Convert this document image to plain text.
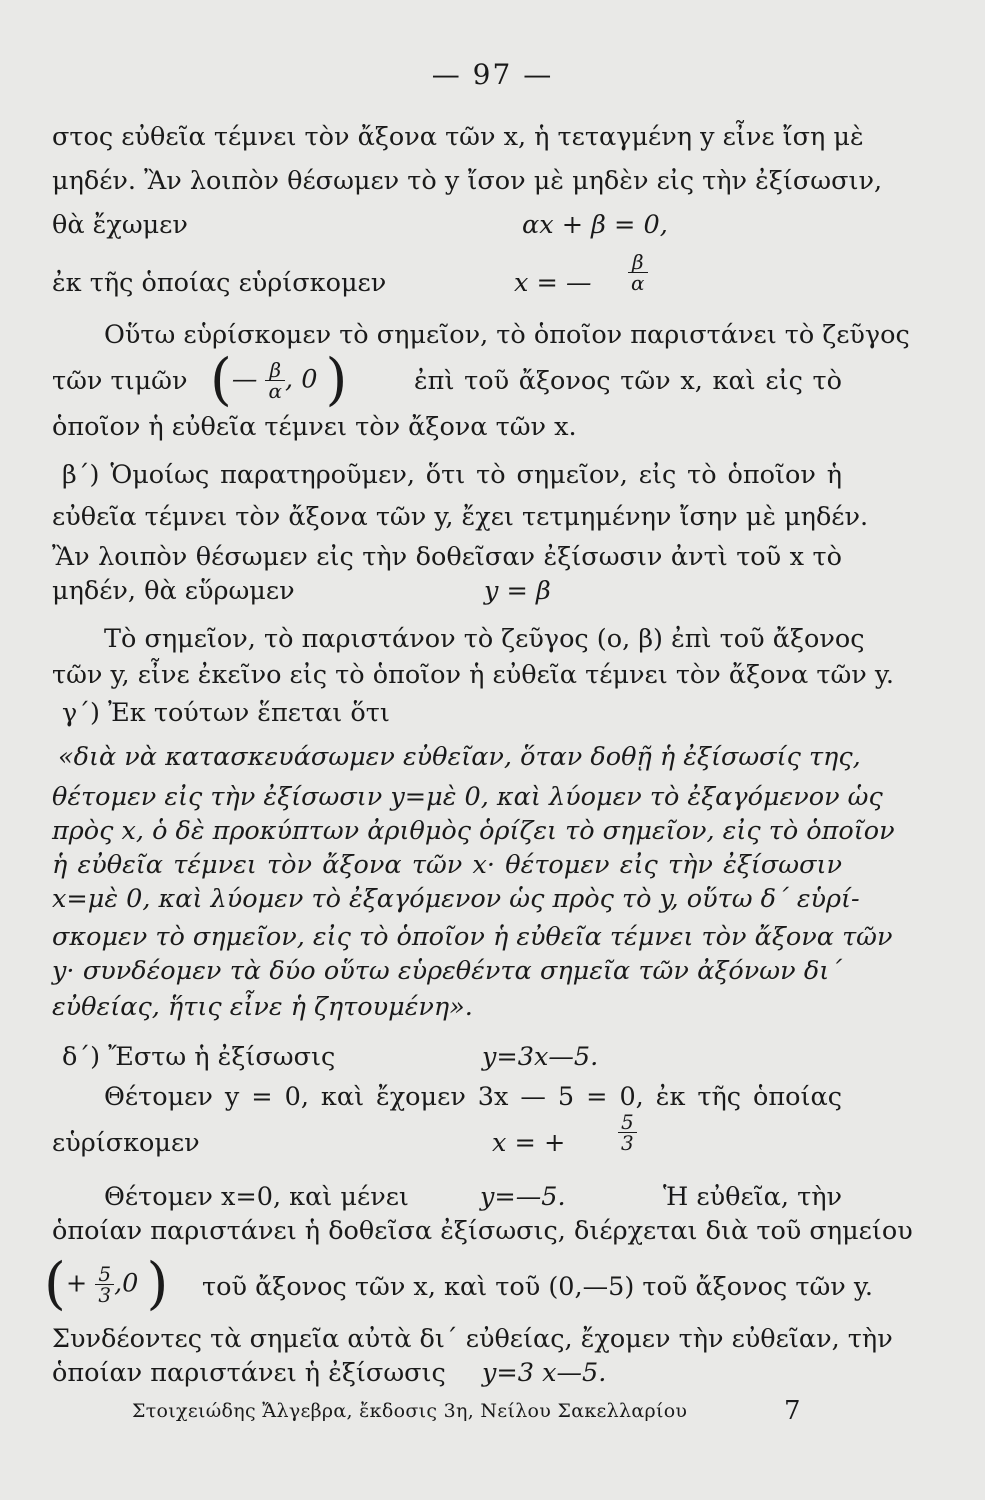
— 97 —
στος εὐθεῖα τέμνει τὸν ἄξονα τῶν x, ἡ τεταγμένη y εἶνε ἴση μὲ
μηδέν. Ἂν λοιπὸν θέσωμεν τὸ y ἴσον μὲ μηδὲν εἰς τὴν ἐξίσωσιν,
θὰ ἔχωμεν	αx + β = 0,
ἐκ τῆς ὁποίας εὑρίσκομεν	x = — $\frac{\beta}{\alpha}$
Οὕτω εὑρίσκομεν τὸ σημεῖον, τὸ ὁποῖον παριστάνει τὸ ζεῦγος
τῶν τιμῶν (— $\frac{\beta}{\alpha}$ , 0 )	ἐπὶ τοῦ ἄξονος τῶν x, καὶ εἰς τὸ
ὁποῖον ἡ εὐθεῖα τέμνει τὸν ἄξονα τῶν x.
β΄) Ὁμοίως παρατηροῦμεν, ὅτι τὸ σημεῖον, εἰς τὸ ὁποῖον ἡ
εὐθεῖα τέμνει τὸν ἄξονα τῶν y, ἔχει τετμημένην ἴσην μὲ μηδέν.
Ἂν λοιπὸν θέσωμεν εἰς τὴν δοθεῖσαν ἐξίσωσιν ἀντὶ τοῦ x τὸ
μηδέν, θὰ εὕρωμεν	y = β
Τὸ σημεῖον, τὸ παριστάνον τὸ ζεῦγος (ο, β) ἐπὶ τοῦ ἄξονος
τῶν y, εἶνε ἐκεῖνο εἰς τὸ ὁποῖον ἡ εὐθεῖα τέμνει τὸν ἄξονα τῶν y.
γ΄) Ἐκ τούτων ἕπεται ὅτι
«διὰ νὰ κατασκευάσωμεν εὐθεῖαν, ὅταν δοθῇ ἡ ἐξίσωσίς της,
θέτομεν εἰς τὴν ἐξίσωσιν y=μὲ 0, καὶ λύομεν τὸ ἐξαγόμενον ὡς
πρὸς x, ὁ δὲ προκύπτων ἀριθμὸς ὁρίζει τὸ σημεῖον, εἰς τὸ ὁποῖον
ἡ εὐθεῖα τέμνει τὸν ἄξονα τῶν x· θέτομεν εἰς τὴν ἐξίσωσιν
x=μὲ 0, καὶ λύομεν τὸ ἐξαγόμενον ὡς πρὸς τὸ y, οὕτω δ΄ εὑρί-
σκομεν τὸ σημεῖον, εἰς τὸ ὁποῖον ἡ εὐθεῖα τέμνει τὸν ἄξονα τῶν
y· συνδέομεν τὰ δύο οὕτω εὑρεθέντα σημεῖα τῶν ἀξόνων δι΄
εὐθείας, ἥτις εἶνε ἡ ζητουμένη».
δ΄) Ἔστω ἡ ἐξίσωσις	y=3x—5.
Θέτομεν y = 0, καὶ ἔχομεν 3x — 5 = 0, ἐκ τῆς ὁποίας
εὑρίσκομεν	x = +	$\frac{5}{3}$
Θέτομεν x=0, καὶ μένει	y=—5.	Ἡ εὐθεῖα, τὴν
ὁποίαν παριστάνει ἡ δοθεῖσα ἐξίσωσις, διέρχεται διὰ τοῦ σημείου
(+ $\frac{5}{3} ,0$ ) τοῦ ἄξονος τῶν x, καὶ τοῦ (0,—5) τοῦ ἄξονος τῶν y.
Συνδέοντες τὰ σημεῖα αὐτὰ δι΄ εὐθείας, ἔχομεν τὴν εὐθεῖαν, τὴν
ὁποίαν παριστάνει ἡ ἐξίσωσις y=3 x—5.
Στοιχειώδης Ἄλγεβρα, ἔκδοσις 3η, Νείλου Σακελλαρίου	7
